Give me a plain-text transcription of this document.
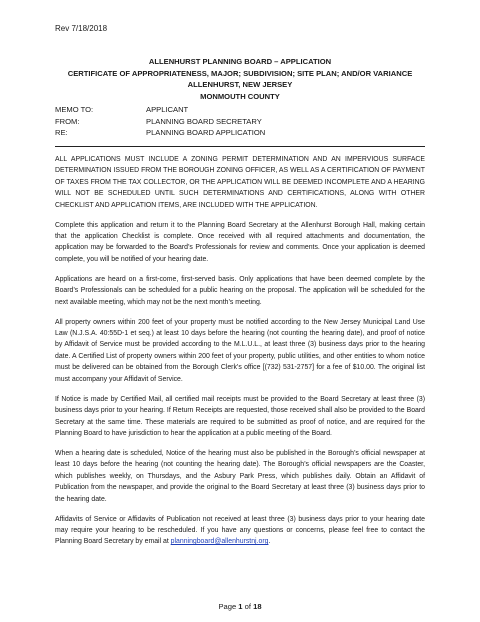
Rev 7/18/2018
ALLENHURST PLANNING BOARD – APPLICATION
CERTIFICATE OF APPROPRIATENESS, MAJOR; SUBDIVISION; SITE PLAN; AND/OR VARIANCE
ALLENHURST, NEW JERSEY
MONMOUTH COUNTY
MEMO TO:	APPLICANT
FROM:	PLANNING BOARD SECRETARY
RE:	PLANNING BOARD APPLICATION

ALL APPLICATIONS MUST INCLUDE A ZONING PERMIT DETERMINATION AND AN IMPERVIOUS SURFACE DETERMINATION ISSUED FROM THE BOROUGH ZONING OFFICER, AS WELL AS A CERTIFICATION OF PAYMENT OF TAXES FROM THE TAX COLLECTOR, OR THE APPLICATION WILL BE DEEMED INCOMPLETE AND A HEARING WILL NOT BE SCHEDULED UNTIL SUCH DETERMINATIONS AND CERTIFICATIONS, ALONG WITH OTHER CHECKLIST AND APPLICATION ITEMS, ARE INCLUDED WITH THE APPLICATION.

Complete this application and return it to the Planning Board Secretary at the Allenhurst Borough Hall, making certain that the application Checklist is complete. Once received with all required attachments and documentation, the application may be forwarded to the Board’s Professionals for review and comments. Once your application is deemed complete, you will be notified of your hearing date.

Applications are heard on a first-come, first-served basis. Only applications that have been deemed complete by the Board’s Professionals can be scheduled for a public hearing on the proposal. The application will be scheduled for the next available meeting, which may not be the next month’s meeting.

All property owners within 200 feet of your property must be notified according to the New Jersey Municipal Land Use Law (N.J.S.A. 40:55D-1 et seq.) at least 10 days before the hearing (not counting the hearing date), and proof of notice by Affidavit of Service must be provided according to the M.L.U.L., at least three (3) business days prior to the hearing date. A Certified List of property owners within 200 feet of your property, public utilities, and other entities to whom notice must be delivered can be obtained from the Borough Clerk’s office [(732) 531-2757] for a fee of $10.00. The original list must accompany your Affidavit of Service.

If Notice is made by Certified Mail, all certified mail receipts must be provided to the Board Secretary at least three (3) business days prior to your hearing. If Return Receipts are requested, those received shall also be provided to the Board Secretary at the same time. These materials are required to be submitted as proof of notice, and are required for the Planning Board to have jurisdiction to hear the application at a public meeting of the Board.

When a hearing date is scheduled, Notice of the hearing must also be published in the Borough’s official newspaper at least 10 days before the hearing (not counting the hearing date). The Borough’s official newspapers are the Coaster, which publishes weekly, on Thursdays, and the Asbury Park Press, which publishes daily. Obtain an Affidavit of Publication from the newspaper, and provide the original to the Board Secretary at least three (3) business days prior to the hearing date.

Affidavits of Service or Affidavits of Publication not received at least three (3) business days prior to your hearing date may require your hearing to be rescheduled. If you have any questions or concerns, please feel free to contact the Planning Board Secretary by email at planningboard@allenhurstnj.org.

Page 1 of 18
